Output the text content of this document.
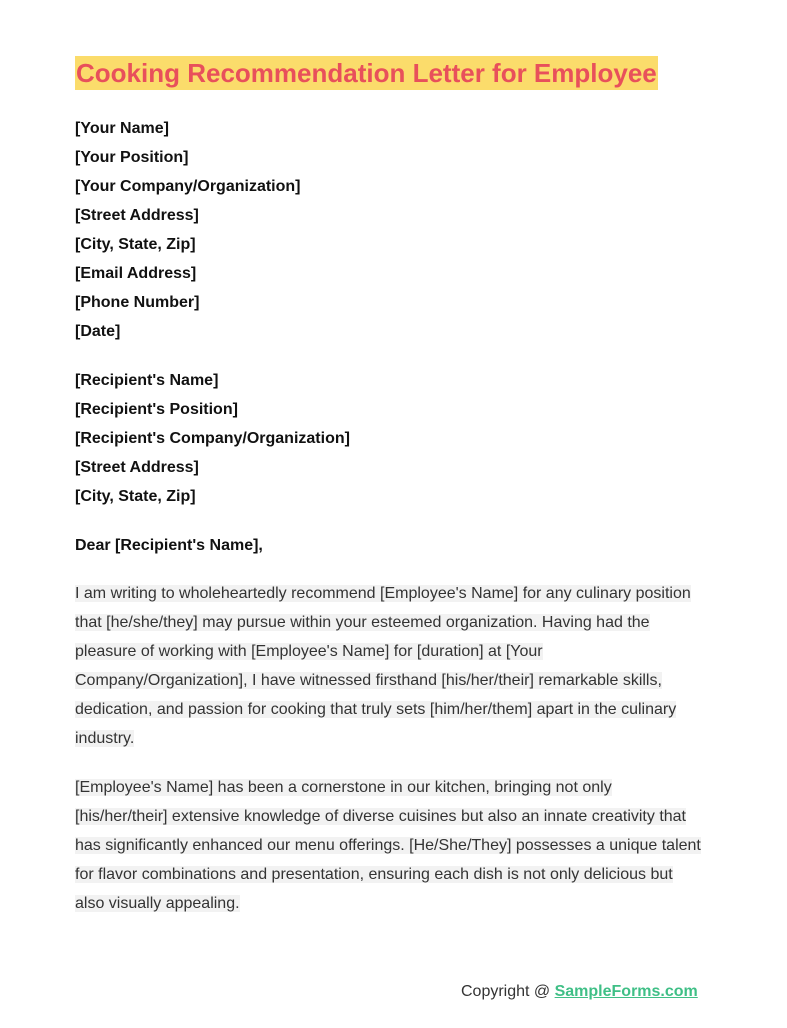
Cooking Recommendation Letter for Employee
[Your Name]
[Your Position]
[Your Company/Organization]
[Street Address]
[City, State, Zip]
[Email Address]
[Phone Number]
[Date]
[Recipient's Name]
[Recipient's Position]
[Recipient's Company/Organization]
[Street Address]
[City, State, Zip]
Dear [Recipient's Name],

I am writing to wholeheartedly recommend [Employee's Name] for any culinary position that [he/she/they] may pursue within your esteemed organization. Having had the pleasure of working with [Employee's Name] for [duration] at [Your Company/Organization], I have witnessed firsthand [his/her/their] remarkable skills, dedication, and passion for cooking that truly sets [him/her/them] apart in the culinary industry.

[Employee's Name] has been a cornerstone in our kitchen, bringing not only [his/her/their] extensive knowledge of diverse cuisines but also an innate creativity that has significantly enhanced our menu offerings. [He/She/They] possesses a unique talent for flavor combinations and presentation, ensuring each dish is not only delicious but also visually appealing.

Copyright @ SampleForms.com
